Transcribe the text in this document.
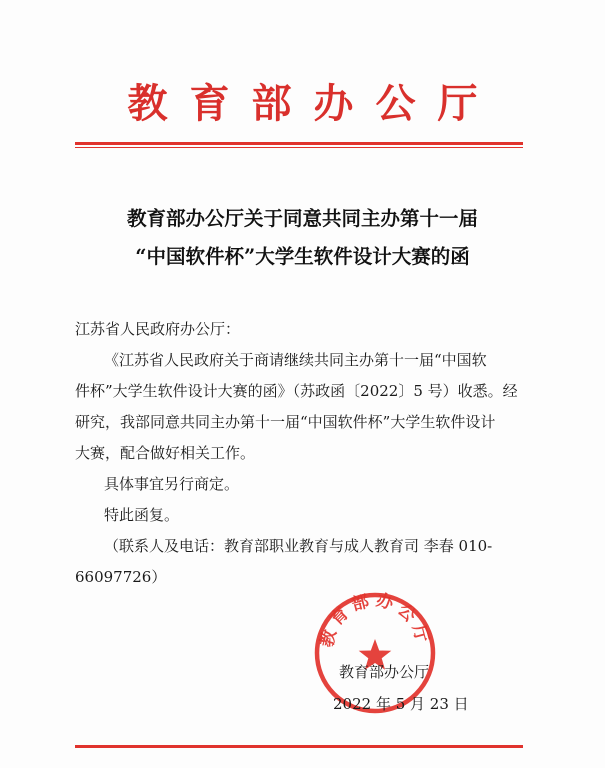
教育部办公厅
教育部办公厅关于同意共同主办第十一届
“中国软件杯”大学生软件设计大赛的函
江苏省人民政府办公厅：
《江苏省人民政府关于商请继续共同主办第十一届“中国软
件杯”大学生软件设计大赛的函》（苏政函〔2022〕5 号）收悉。经
研究，我部同意共同主办第十一届“中国软件杯”大学生软件设计
大赛，配合做好相关工作。
具体事宜另行商定。
特此函复。
（联系人及电话：教育部职业教育与成人教育司 李春 010-
66097726）
教育部办公厅
教育部办公厅
2022 年 5 月 23 日
